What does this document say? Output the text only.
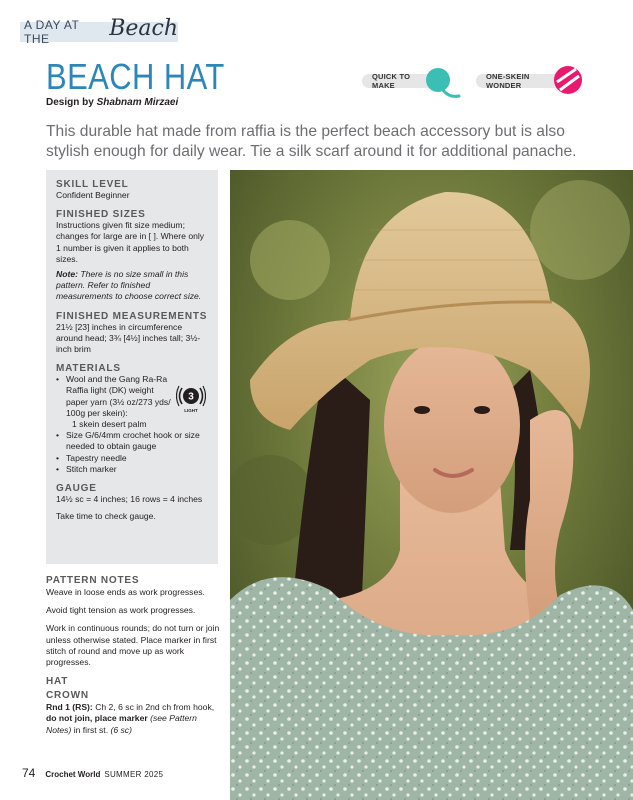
A DAY AT THE	Beach
BEACH HAT
Design by Shabnam Mirzaei
QUICK TO MAKE
ONE-SKEIN WONDER

This durable hat made from raffia is the perfect beach accessory but is also stylish enough for daily wear. Tie a silk scarf around it for additional panache.

SKILL LEVEL
Confident Beginner
FINISHED SIZES
Instructions given fit size medium; changes for large are in [ ]. Where only 1 number is given it applies to both sizes.
Note: There is no size small in this pattern. Refer to finished measurements to choose correct size.
FINISHED MEASUREMENTS
21½ [23] inches in circumference around head; 3¾ [4½] inches tall; 3½-inch brim
MATERIALS
• Wool and the Gang Ra-Ra Raffia light (DK) weight paper yarn (3½ oz/273 yds/ 100g per skein):
1 skein desert palm
• Size G/6/4mm crochet hook or size needed to obtain gauge
• Tapestry needle
• Stitch marker
GAUGE
14½ sc = 4 inches; 16 rows = 4 inches
Take time to check gauge.
3
LIGHT
PATTERN NOTES
Weave in loose ends as work progresses.
Avoid tight tension as work progresses.
Work in continuous rounds; do not turn or join unless otherwise stated. Place marker in first stitch of round and move up as work progresses.
HAT
CROWN
Rnd 1 (RS): Ch 2, 6 sc in 2nd ch from hook, do not join, place marker (see Pattern Notes) in first st. (6 sc)
74 Crochet World SUMMER 2025
